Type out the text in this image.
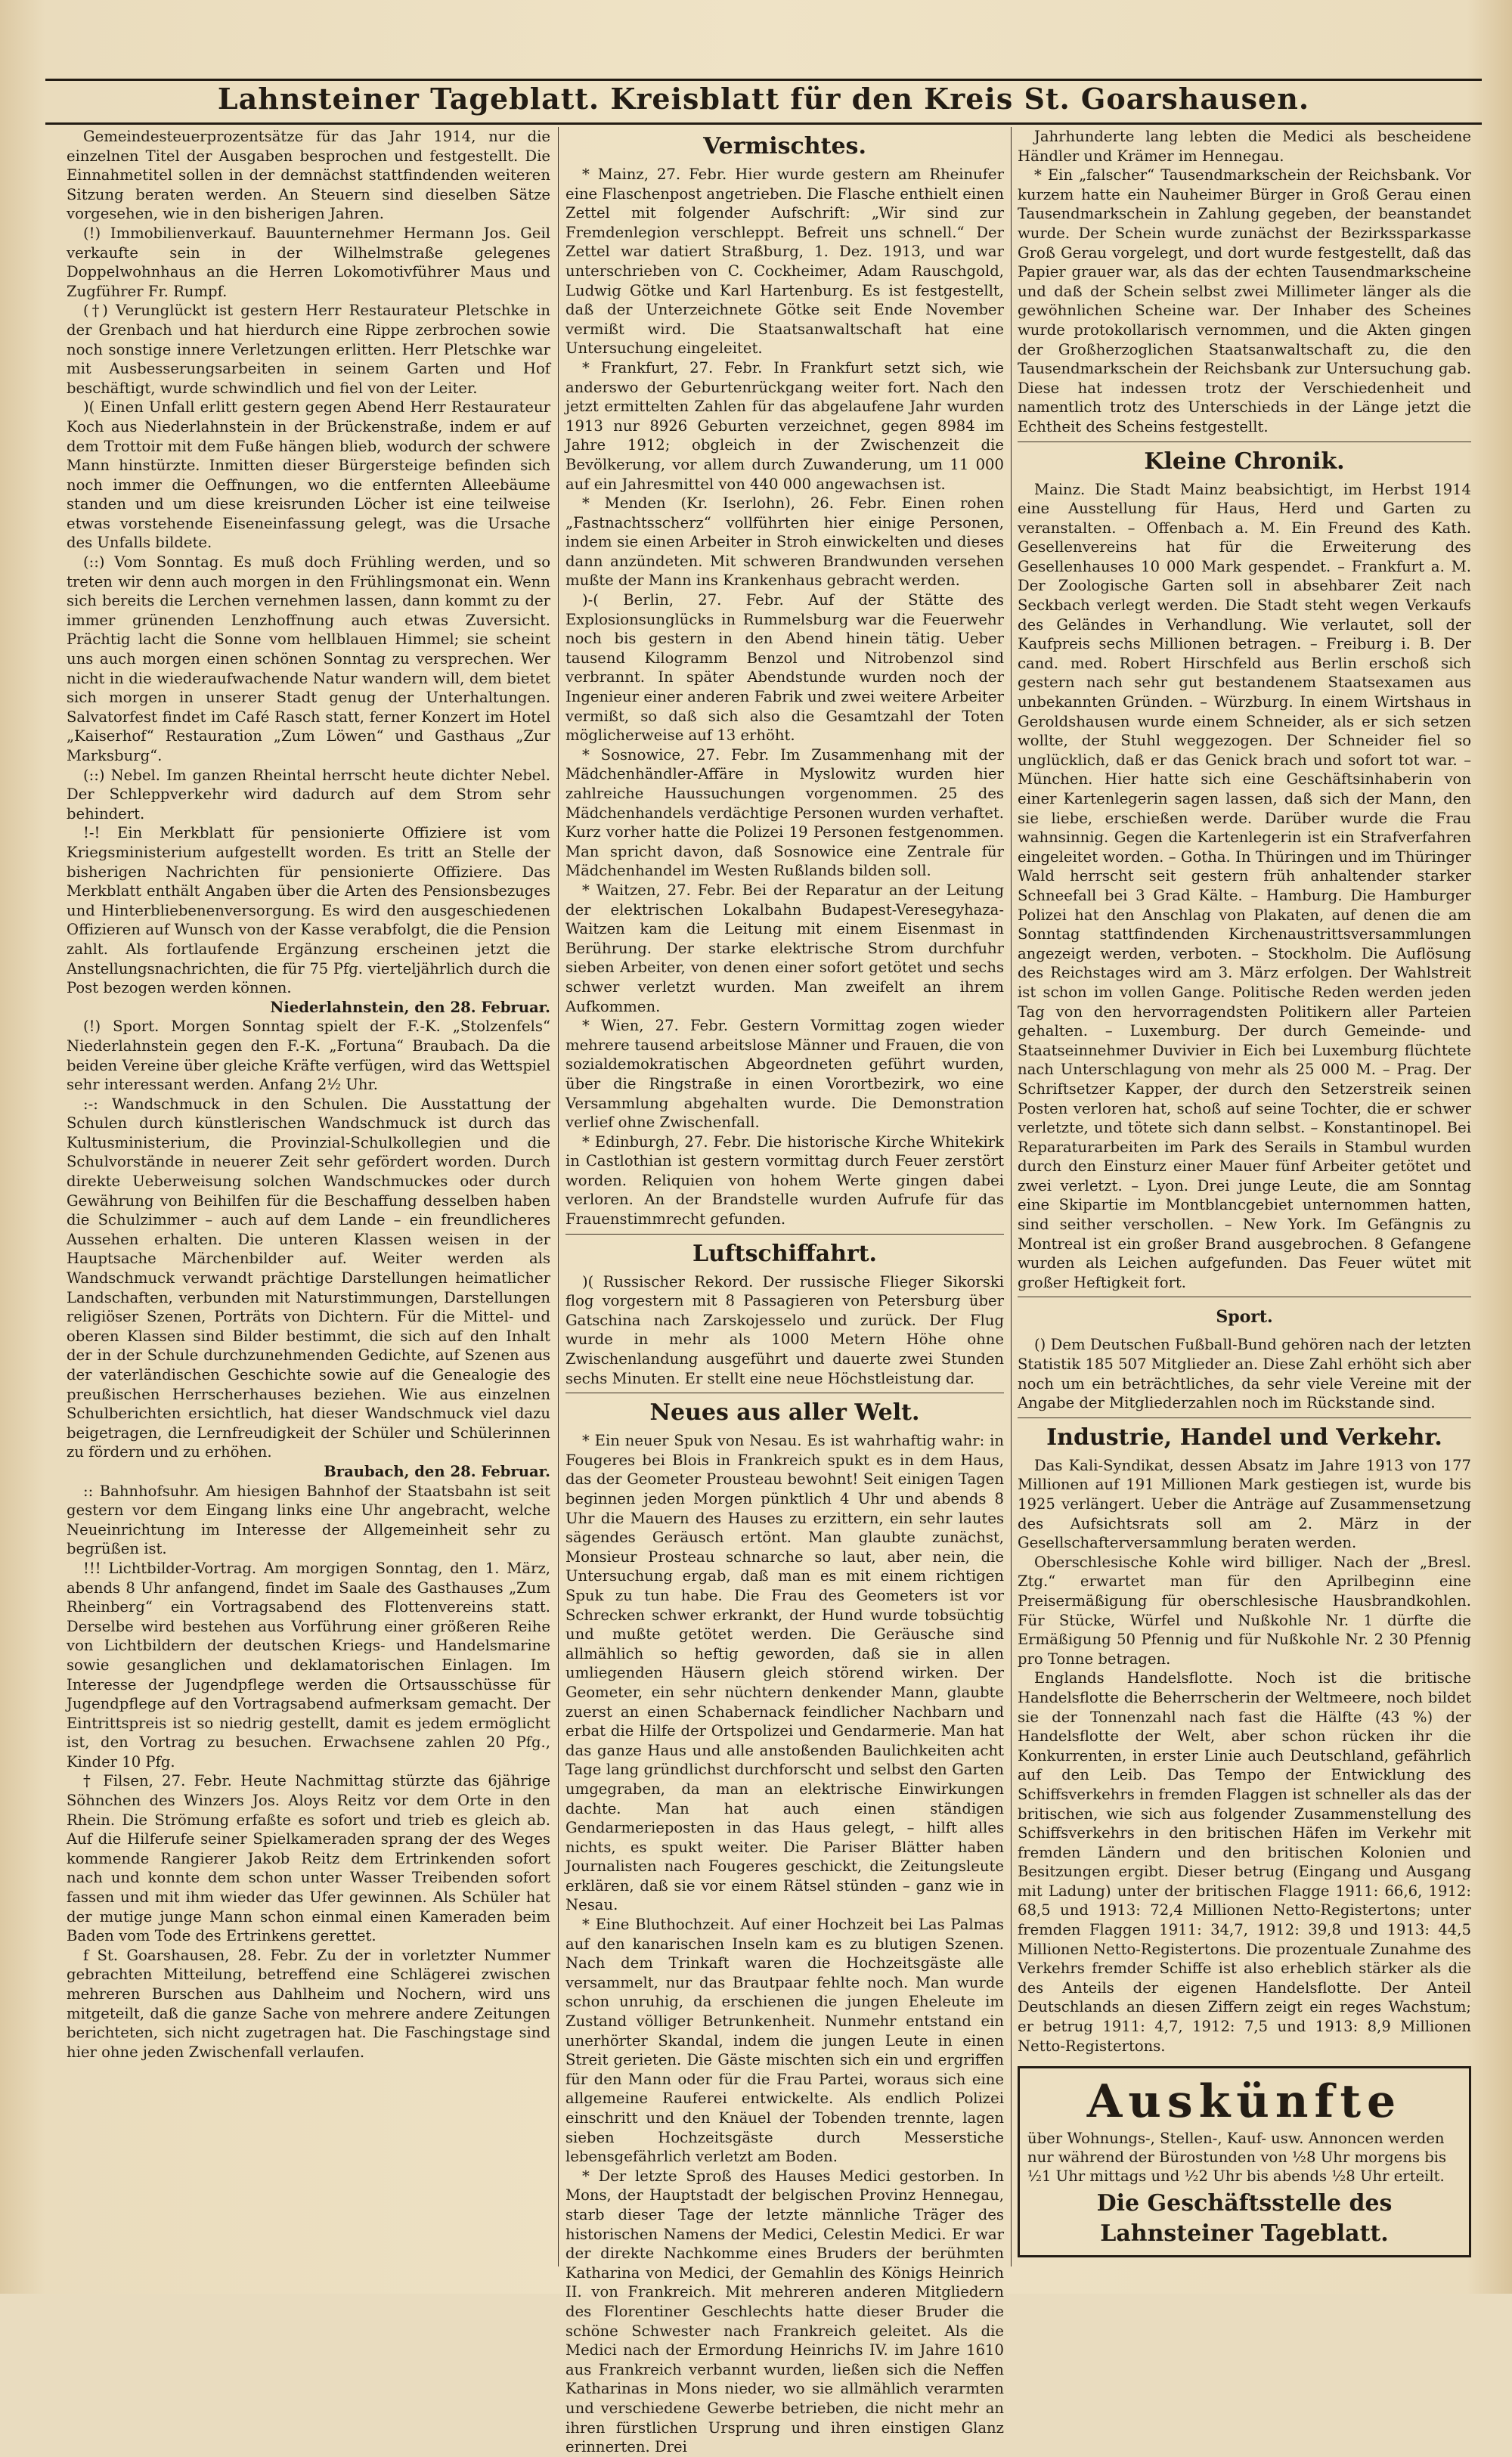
Lahnsteiner Tageblatt. Kreisblatt für den Kreis St. Goarshausen.

Gemeindesteuerprozentsätze für das Jahr 1914, nur die einzelnen Titel der Ausgaben besprochen und festgestellt. Die Einnahmetitel sollen in der demnächst stattfindenden weiteren Sitzung beraten werden. An Steuern sind dieselben Sätze vorgesehen, wie in den bisherigen Jahren.

(!) Immobilienverkauf. Bauunternehmer Hermann Jos. Geil verkaufte sein in der Wilhelmstraße gelegenes Doppelwohnhaus an die Herren Lokomotivführer Maus und Zugführer Fr. Rumpf.

(†) Verunglückt ist gestern Herr Restaurateur Pletschke in der Grenbach und hat hierdurch eine Rippe zerbrochen sowie noch sonstige innere Verletzungen erlitten. Herr Pletschke war mit Ausbesserungsarbeiten in seinem Garten und Hof beschäftigt, wurde schwindlich und fiel von der Leiter.

)( Einen Unfall erlitt gestern gegen Abend Herr Restaurateur Koch aus Niederlahnstein in der Brückenstraße, indem er auf dem Trottoir mit dem Fuße hängen blieb, wodurch der schwere Mann hinstürzte. Inmitten dieser Bürgersteige befinden sich noch immer die Oeffnungen, wo die entfernten Alleebäume standen und um diese kreisrunden Löcher ist eine teilweise etwas vorstehende Eiseneinfassung gelegt, was die Ursache des Unfalls bildete.

(::) Vom Sonntag. Es muß doch Frühling werden, und so treten wir denn auch morgen in den Frühlingsmonat ein. Wenn sich bereits die Lerchen vernehmen lassen, dann kommt zu der immer grünenden Lenzhoffnung auch etwas Zuversicht. Prächtig lacht die Sonne vom hellblauen Himmel; sie scheint uns auch morgen einen schönen Sonntag zu versprechen. Wer nicht in die wiederaufwachende Natur wandern will, dem bietet sich morgen in unserer Stadt genug der Unterhaltungen. Salvatorfest findet im Café Rasch statt, ferner Konzert im Hotel „Kaiserhof“ Restauration „Zum Löwen“ und Gasthaus „Zur Marksburg“.

(::) Nebel. Im ganzen Rheintal herrscht heute dichter Nebel. Der Schleppverkehr wird dadurch auf dem Strom sehr behindert.

!-! Ein Merkblatt für pensionierte Offiziere ist vom Kriegsministerium aufgestellt worden. Es tritt an Stelle der bisherigen Nachrichten für pensionierte Offiziere. Das Merkblatt enthält Angaben über die Arten des Pensionsbezuges und Hinterbliebenenversorgung. Es wird den ausgeschiedenen Offizieren auf Wunsch von der Kasse verabfolgt, die die Pension zahlt. Als fortlaufende Ergänzung erscheinen jetzt die Anstellungsnachrichten, die für 75 Pfg. vierteljährlich durch die Post bezogen werden können.

Niederlahnstein, den 28. Februar.

(!) Sport. Morgen Sonntag spielt der F.-K. „Stolzenfels“ Niederlahnstein gegen den F.-K. „Fortuna“ Braubach. Da die beiden Vereine über gleiche Kräfte verfügen, wird das Wettspiel sehr interessant werden. Anfang 2½ Uhr.

:-: Wandschmuck in den Schulen. Die Ausstattung der Schulen durch künstlerischen Wandschmuck ist durch das Kultusministerium, die Provinzial-Schulkollegien und die Schulvorstände in neuerer Zeit sehr gefördert worden. Durch direkte Ueberweisung solchen Wandschmuckes oder durch Gewährung von Beihilfen für die Beschaffung desselben haben die Schulzimmer – auch auf dem Lande – ein freundlicheres Aussehen erhalten. Die unteren Klassen weisen in der Hauptsache Märchenbilder auf. Weiter werden als Wandschmuck verwandt prächtige Darstellungen heimatlicher Landschaften, verbunden mit Naturstimmungen, Darstellungen religiöser Szenen, Porträts von Dichtern. Für die Mittel- und oberen Klassen sind Bilder bestimmt, die sich auf den Inhalt der in der Schule durchzunehmenden Gedichte, auf Szenen aus der vaterländischen Geschichte sowie auf die Genealogie des preußischen Herrscherhauses beziehen. Wie aus einzelnen Schulberichten ersichtlich, hat dieser Wandschmuck viel dazu beigetragen, die Lernfreudigkeit der Schüler und Schülerinnen zu fördern und zu erhöhen.

Braubach, den 28. Februar.

:: Bahnhofsuhr. Am hiesigen Bahnhof der Staatsbahn ist seit gestern vor dem Eingang links eine Uhr angebracht, welche Neueinrichtung im Interesse der Allgemeinheit sehr zu begrüßen ist.

!!! Lichtbilder-Vortrag. Am morgigen Sonntag, den 1. März, abends 8 Uhr anfangend, findet im Saale des Gasthauses „Zum Rheinberg“ ein Vortragsabend des Flottenvereins statt. Derselbe wird bestehen aus Vorführung einer größeren Reihe von Lichtbildern der deutschen Kriegs- und Handelsmarine sowie gesanglichen und deklamatorischen Einlagen. Im Interesse der Jugendpflege werden die Ortsausschüsse für Jugendpflege auf den Vortragsabend aufmerksam gemacht. Der Eintrittspreis ist so niedrig gestellt, damit es jedem ermöglicht ist, den Vortrag zu besuchen. Erwachsene zahlen 20 Pfg., Kinder 10 Pfg.

† Filsen, 27. Febr. Heute Nachmittag stürzte das 6jährige Söhnchen des Winzers Jos. Aloys Reitz vor dem Orte in den Rhein. Die Strömung erfaßte es sofort und trieb es gleich ab. Auf die Hilferufe seiner Spielkameraden sprang der des Weges kommende Rangierer Jakob Reitz dem Ertrinkenden sofort nach und konnte dem schon unter Wasser Treibenden sofort fassen und mit ihm wieder das Ufer gewinnen. Als Schüler hat der mutige junge Mann schon einmal einen Kameraden beim Baden vom Tode des Ertrinkens gerettet.

f St. Goarshausen, 28. Febr. Zu der in vorletzter Nummer gebrachten Mitteilung, betreffend eine Schlägerei zwischen mehreren Burschen aus Dahlheim und Nochern, wird uns mitgeteilt, daß die ganze Sache von mehrere andere Zeitungen berichteten, sich nicht zugetragen hat. Die Faschingstage sind hier ohne jeden Zwischenfall verlaufen.

Vermischtes.

* Mainz, 27. Febr. Hier wurde gestern am Rheinufer eine Flaschenpost angetrieben. Die Flasche enthielt einen Zettel mit folgender Aufschrift: „Wir sind zur Fremdenlegion verschleppt. Befreit uns schnell.“ Der Zettel war datiert Straßburg, 1. Dez. 1913, und war unterschrieben von C. Cockheimer, Adam Rauschgold, Ludwig Götke und Karl Hartenburg. Es ist festgestellt, daß der Unterzeichnete Götke seit Ende November vermißt wird. Die Staatsanwaltschaft hat eine Untersuchung eingeleitet.

* Frankfurt, 27. Febr. In Frankfurt setzt sich, wie anderswo der Geburtenrückgang weiter fort. Nach den jetzt ermittelten Zahlen für das abgelaufene Jahr wurden 1913 nur 8926 Geburten verzeichnet, gegen 8984 im Jahre 1912; obgleich in der Zwischenzeit die Bevölkerung, vor allem durch Zuwanderung, um 11 000 auf ein Jahresmittel von 440 000 angewachsen ist.

* Menden (Kr. Iserlohn), 26. Febr. Einen rohen „Fastnachtsscherz“ vollführten hier einige Personen, indem sie einen Arbeiter in Stroh einwickelten und dieses dann anzündeten. Mit schweren Brandwunden versehen mußte der Mann ins Krankenhaus gebracht werden.

)-( Berlin, 27. Febr. Auf der Stätte des Explosionsunglücks in Rummelsburg war die Feuerwehr noch bis gestern in den Abend hinein tätig. Ueber tausend Kilogramm Benzol und Nitrobenzol sind verbrannt. In später Abendstunde wurden noch der Ingenieur einer anderen Fabrik und zwei weitere Arbeiter vermißt, so daß sich also die Gesamtzahl der Toten möglicherweise auf 13 erhöht.

* Sosnowice, 27. Febr. Im Zusammenhang mit der Mädchenhändler-Affäre in Myslowitz wurden hier zahlreiche Haussuchungen vorgenommen. 25 des Mädchenhandels verdächtige Personen wurden verhaftet. Kurz vorher hatte die Polizei 19 Personen festgenommen. Man spricht davon, daß Sosnowice eine Zentrale für Mädchenhandel im Westen Rußlands bilden soll.

* Waitzen, 27. Febr. Bei der Reparatur an der Leitung der elektrischen Lokalbahn Budapest-Veresegyhaza-Waitzen kam die Leitung mit einem Eisenmast in Berührung. Der starke elektrische Strom durchfuhr sieben Arbeiter, von denen einer sofort getötet und sechs schwer verletzt wurden. Man zweifelt an ihrem Aufkommen.

* Wien, 27. Febr. Gestern Vormittag zogen wieder mehrere tausend arbeitslose Männer und Frauen, die von sozialdemokratischen Abgeordneten geführt wurden, über die Ringstraße in einen Vorortbezirk, wo eine Versammlung abgehalten wurde. Die Demonstration verlief ohne Zwischenfall.

* Edinburgh, 27. Febr. Die historische Kirche Whitekirk in Castlothian ist gestern vormittag durch Feuer zerstört worden. Reliquien von hohem Werte gingen dabei verloren. An der Brandstelle wurden Aufrufe für das Frauenstimmrecht gefunden.

Luftschiffahrt.

)( Russischer Rekord. Der russische Flieger Sikorski flog vorgestern mit 8 Passagieren von Petersburg über Gatschina nach Zarskojesselo und zurück. Der Flug wurde in mehr als 1000 Metern Höhe ohne Zwischenlandung ausgeführt und dauerte zwei Stunden sechs Minuten. Er stellt eine neue Höchstleistung dar.

Neues aus aller Welt.

* Ein neuer Spuk von Nesau. Es ist wahrhaftig wahr: in Fougeres bei Blois in Frankreich spukt es in dem Haus, das der Geometer Prousteau bewohnt! Seit einigen Tagen beginnen jeden Morgen pünktlich 4 Uhr und abends 8 Uhr die Mauern des Hauses zu erzittern, ein sehr lautes sägendes Geräusch ertönt. Man glaubte zunächst, Monsieur Prosteau schnarche so laut, aber nein, die Untersuchung ergab, daß man es mit einem richtigen Spuk zu tun habe. Die Frau des Geometers ist vor Schrecken schwer erkrankt, der Hund wurde tobsüchtig und mußte getötet werden. Die Geräusche sind allmählich so heftig geworden, daß sie in allen umliegenden Häusern gleich störend wirken. Der Geometer, ein sehr nüchtern denkender Mann, glaubte zuerst an einen Schabernack feindlicher Nachbarn und erbat die Hilfe der Ortspolizei und Gendarmerie. Man hat das ganze Haus und alle anstoßenden Baulichkeiten acht Tage lang gründlichst durchforscht und selbst den Garten umgegraben, da man an elektrische Einwirkungen dachte. Man hat auch einen ständigen Gendarmerieposten in das Haus gelegt, – hilft alles nichts, es spukt weiter. Die Pariser Blätter haben Journalisten nach Fougeres geschickt, die Zeitungsleute erklären, daß sie vor einem Rätsel stünden – ganz wie in Nesau.

* Eine Bluthochzeit. Auf einer Hochzeit bei Las Palmas auf den kanarischen Inseln kam es zu blutigen Szenen. Nach dem Trinkaft waren die Hochzeitsgäste alle versammelt, nur das Brautpaar fehlte noch. Man wurde schon unruhig, da erschienen die jungen Eheleute im Zustand völliger Betrunkenheit. Nunmehr entstand ein unerhörter Skandal, indem die jungen Leute in einen Streit gerieten. Die Gäste mischten sich ein und ergriffen für den Mann oder für die Frau Partei, woraus sich eine allgemeine Rauferei entwickelte. Als endlich Polizei einschritt und den Knäuel der Tobenden trennte, lagen sieben Hochzeitsgäste durch Messerstiche lebensgefährlich verletzt am Boden.

* Der letzte Sproß des Hauses Medici gestorben. In Mons, der Hauptstadt der belgischen Provinz Hennegau, starb dieser Tage der letzte männliche Träger des historischen Namens der Medici, Celestin Medici. Er war der direkte Nachkomme eines Bruders der berühmten Katharina von Medici, der Gemahlin des Königs Heinrich II. von Frankreich. Mit mehreren anderen Mitgliedern des Florentiner Geschlechts hatte dieser Bruder die schöne Schwester nach Frankreich geleitet. Als die Medici nach der Ermordung Heinrichs IV. im Jahre 1610 aus Frankreich verbannt wurden, ließen sich die Neffen Katharinas in Mons nieder, wo sie allmählich verarmten und verschiedene Gewerbe betrieben, die nicht mehr an ihren fürstlichen Ursprung und ihren einstigen Glanz erinnerten. Drei

Jahrhunderte lang lebten die Medici als bescheidene Händler und Krämer im Hennegau.

* Ein „falscher“ Tausendmarkschein der Reichsbank. Vor kurzem hatte ein Nauheimer Bürger in Groß Gerau einen Tausendmarkschein in Zahlung gegeben, der beanstandet wurde. Der Schein wurde zunächst der Bezirkssparkasse Groß Gerau vorgelegt, und dort wurde festgestellt, daß das Papier grauer war, als das der echten Tausendmarkscheine und daß der Schein selbst zwei Millimeter länger als die gewöhnlichen Scheine war. Der Inhaber des Scheines wurde protokollarisch vernommen, und die Akten gingen der Großherzoglichen Staatsanwaltschaft zu, die den Tausendmarkschein der Reichsbank zur Untersuchung gab. Diese hat indessen trotz der Verschiedenheit und namentlich trotz des Unterschieds in der Länge jetzt die Echtheit des Scheins festgestellt.

Kleine Chronik.

Mainz. Die Stadt Mainz beabsichtigt, im Herbst 1914 eine Ausstellung für Haus, Herd und Garten zu veranstalten. – Offenbach a. M. Ein Freund des Kath. Gesellenvereins hat für die Erweiterung des Gesellenhauses 10 000 Mark gespendet. – Frankfurt a. M. Der Zoologische Garten soll in absehbarer Zeit nach Seckbach verlegt werden. Die Stadt steht wegen Verkaufs des Geländes in Verhandlung. Wie verlautet, soll der Kaufpreis sechs Millionen betragen. – Freiburg i. B. Der cand. med. Robert Hirschfeld aus Berlin erschoß sich gestern nach sehr gut bestandenem Staatsexamen aus unbekannten Gründen. – Würzburg. In einem Wirtshaus in Geroldshausen wurde einem Schneider, als er sich setzen wollte, der Stuhl weggezogen. Der Schneider fiel so unglücklich, daß er das Genick brach und sofort tot war. – München. Hier hatte sich eine Geschäftsinhaberin von einer Kartenlegerin sagen lassen, daß sich der Mann, den sie liebe, erschießen werde. Darüber wurde die Frau wahnsinnig. Gegen die Kartenlegerin ist ein Strafverfahren eingeleitet worden. – Gotha. In Thüringen und im Thüringer Wald herrscht seit gestern früh anhaltender starker Schneefall bei 3 Grad Kälte. – Hamburg. Die Hamburger Polizei hat den Anschlag von Plakaten, auf denen die am Sonntag stattfindenden Kirchenaustrittsversammlungen angezeigt werden, verboten. – Stockholm. Die Auflösung des Reichstages wird am 3. März erfolgen. Der Wahlstreit ist schon im vollen Gange. Politische Reden werden jeden Tag von den hervorragendsten Politikern aller Parteien gehalten. – Luxemburg. Der durch Gemeinde- und Staatseinnehmer Duvivier in Eich bei Luxemburg flüchtete nach Unterschlagung von mehr als 25 000 M. – Prag. Der Schriftsetzer Kapper, der durch den Setzerstreik seinen Posten verloren hat, schoß auf seine Tochter, die er schwer verletzte, und tötete sich dann selbst. – Konstantinopel. Bei Reparaturarbeiten im Park des Serails in Stambul wurden durch den Einsturz einer Mauer fünf Arbeiter getötet und zwei verletzt. – Lyon. Drei junge Leute, die am Sonntag eine Skipartie im Montblancgebiet unternommen hatten, sind seither verschollen. – New York. Im Gefängnis zu Montreal ist ein großer Brand ausgebrochen. 8 Gefangene wurden als Leichen aufgefunden. Das Feuer wütet mit großer Heftigkeit fort.

Sport.

() Dem Deutschen Fußball-Bund gehören nach der letzten Statistik 185 507 Mitglieder an. Diese Zahl erhöht sich aber noch um ein beträchtliches, da sehr viele Vereine mit der Angabe der Mitgliederzahlen noch im Rückstande sind.

Industrie, Handel und Verkehr.

Das Kali-Syndikat, dessen Absatz im Jahre 1913 von 177 Millionen auf 191 Millionen Mark gestiegen ist, wurde bis 1925 verlängert. Ueber die Anträge auf Zusammensetzung des Aufsichtsrats soll am 2. März in der Gesellschafterversammlung beraten werden.

Oberschlesische Kohle wird billiger. Nach der „Bresl. Ztg.“ erwartet man für den Aprilbeginn eine Preisermäßigung für oberschlesische Hausbrandkohlen. Für Stücke, Würfel und Nußkohle Nr. 1 dürfte die Ermäßigung 50 Pfennig und für Nußkohle Nr. 2 30 Pfennig pro Tonne betragen.

Englands Handelsflotte. Noch ist die britische Handelsflotte die Beherrscherin der Weltmeere, noch bildet sie der Tonnenzahl nach fast die Hälfte (43 %) der Handelsflotte der Welt, aber schon rücken ihr die Konkurrenten, in erster Linie auch Deutschland, gefährlich auf den Leib. Das Tempo der Entwicklung des Schiffsverkehrs in fremden Flaggen ist schneller als das der britischen, wie sich aus folgender Zusammenstellung des Schiffsverkehrs in den britischen Häfen im Verkehr mit fremden Ländern und den britischen Kolonien und Besitzungen ergibt. Dieser betrug (Eingang und Ausgang mit Ladung) unter der britischen Flagge 1911: 66,6, 1912: 68,5 und 1913: 72,4 Millionen Netto-Registertons; unter fremden Flaggen 1911: 34,7, 1912: 39,8 und 1913: 44,5 Millionen Netto-Registertons. Die prozentuale Zunahme des Verkehrs fremder Schiffe ist also erheblich stärker als die des Anteils der eigenen Handelsflotte. Der Anteil Deutschlands an diesen Ziffern zeigt ein reges Wachstum; er betrug 1911: 4,7, 1912: 7,5 und 1913: 8,9 Millionen Netto-Registertons.

Auskünfte
über Wohnungs-, Stellen-, Kauf- usw. Annoncen werden nur während der Bürostunden von ½8 Uhr morgens bis ½1 Uhr mittags und ½2 Uhr bis abends ½8 Uhr erteilt.
Die Geschäftsstelle des Lahnsteiner Tageblatt.
